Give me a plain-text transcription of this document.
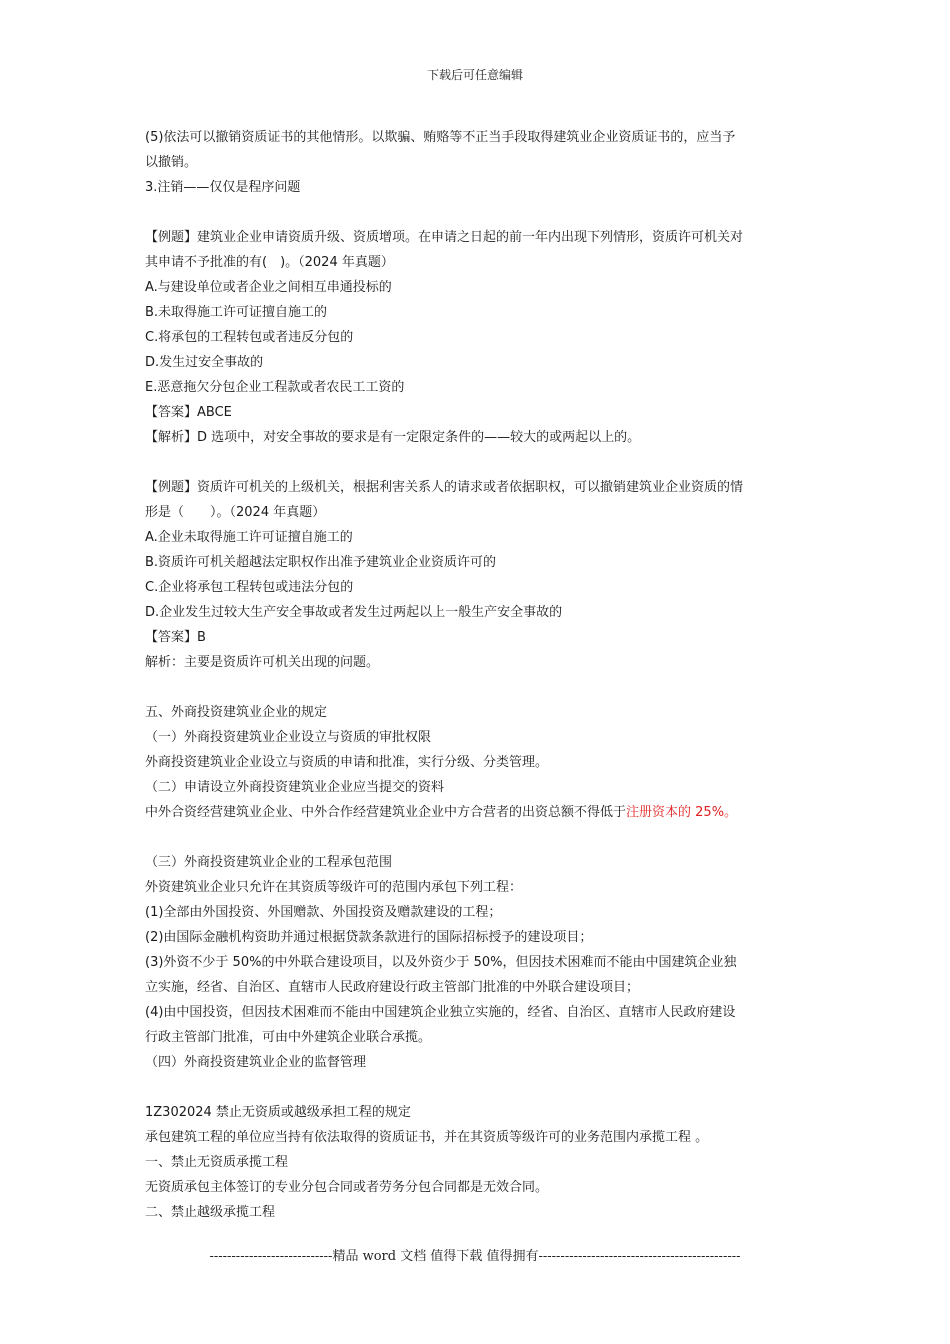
下载后可任意编辑
(5)依法可以撤销资质证书的其他情形。以欺骗、贿赂等不正当手段取得建筑业企业资质证书的，应当予
以撤销。
3.注销——仅仅是程序问题
【例题】建筑业企业申请资质升级、资质增项。在申请之日起的前一年内出现下列情形，资质许可机关对
其申请不予批准的有(　)。（2024 年真题）
A.与建设单位或者企业之间相互串通投标的
B.未取得施工许可证擅自施工的
C.将承包的工程转包或者违反分包的
D.发生过安全事故的
E.恶意拖欠分包企业工程款或者农民工工资的
【答案】ABCE
【解析】D 选项中，对安全事故的要求是有一定限定条件的——较大的或两起以上的。
【例题】资质许可机关的上级机关，根据利害关系人的请求或者依据职权，可以撤销建筑业企业资质的情
形是（　　）。（2024 年真题）
A.企业未取得施工许可证擅自施工的
B.资质许可机关超越法定职权作出准予建筑业企业资质许可的
C.企业将承包工程转包或违法分包的
D.企业发生过较大生产安全事故或者发生过两起以上一般生产安全事故的
【答案】B
解析：主要是资质许可机关出现的问题。
五、外商投资建筑业企业的规定
（一）外商投资建筑业企业设立与资质的审批权限
外商投资建筑业企业设立与资质的申请和批准，实行分级、分类管理。
（二）申请设立外商投资建筑业企业应当提交的资料
中外合资经营建筑业企业、中外合作经营建筑业企业中方合营者的出资总额不得低于注册资本的 25%。
（三）外商投资建筑业企业的工程承包范围
外资建筑业企业只允许在其资质等级许可的范围内承包下列工程：
(1)全部由外国投资、外国赠款、外国投资及赠款建设的工程；
(2)由国际金融机构资助并通过根据贷款条款进行的国际招标授予的建设项目；
(3)外资不少于 50%的中外联合建设项目，以及外资少于 50%，但因技术困难而不能由中国建筑企业独
立实施，经省、自治区、直辖市人民政府建设行政主管部门批准的中外联合建设项目；
(4)由中国投资，但因技术困难而不能由中国建筑企业独立实施的，经省、自治区、直辖市人民政府建设
行政主管部门批准，可由中外建筑企业联合承揽。
（四）外商投资建筑业企业的监督管理
1Z302024 禁止无资质或越级承担工程的规定
承包建筑工程的单位应当持有依法取得的资质证书，并在其资质等级许可的业务范围内承揽工程 。
一、禁止无资质承揽工程
无资质承包主体签订的专业分包合同或者劳务分包合同都是无效合同。
二、禁止越级承揽工程
----------------------------精品 word 文档 值得下载 值得拥有----------------------------------------------
